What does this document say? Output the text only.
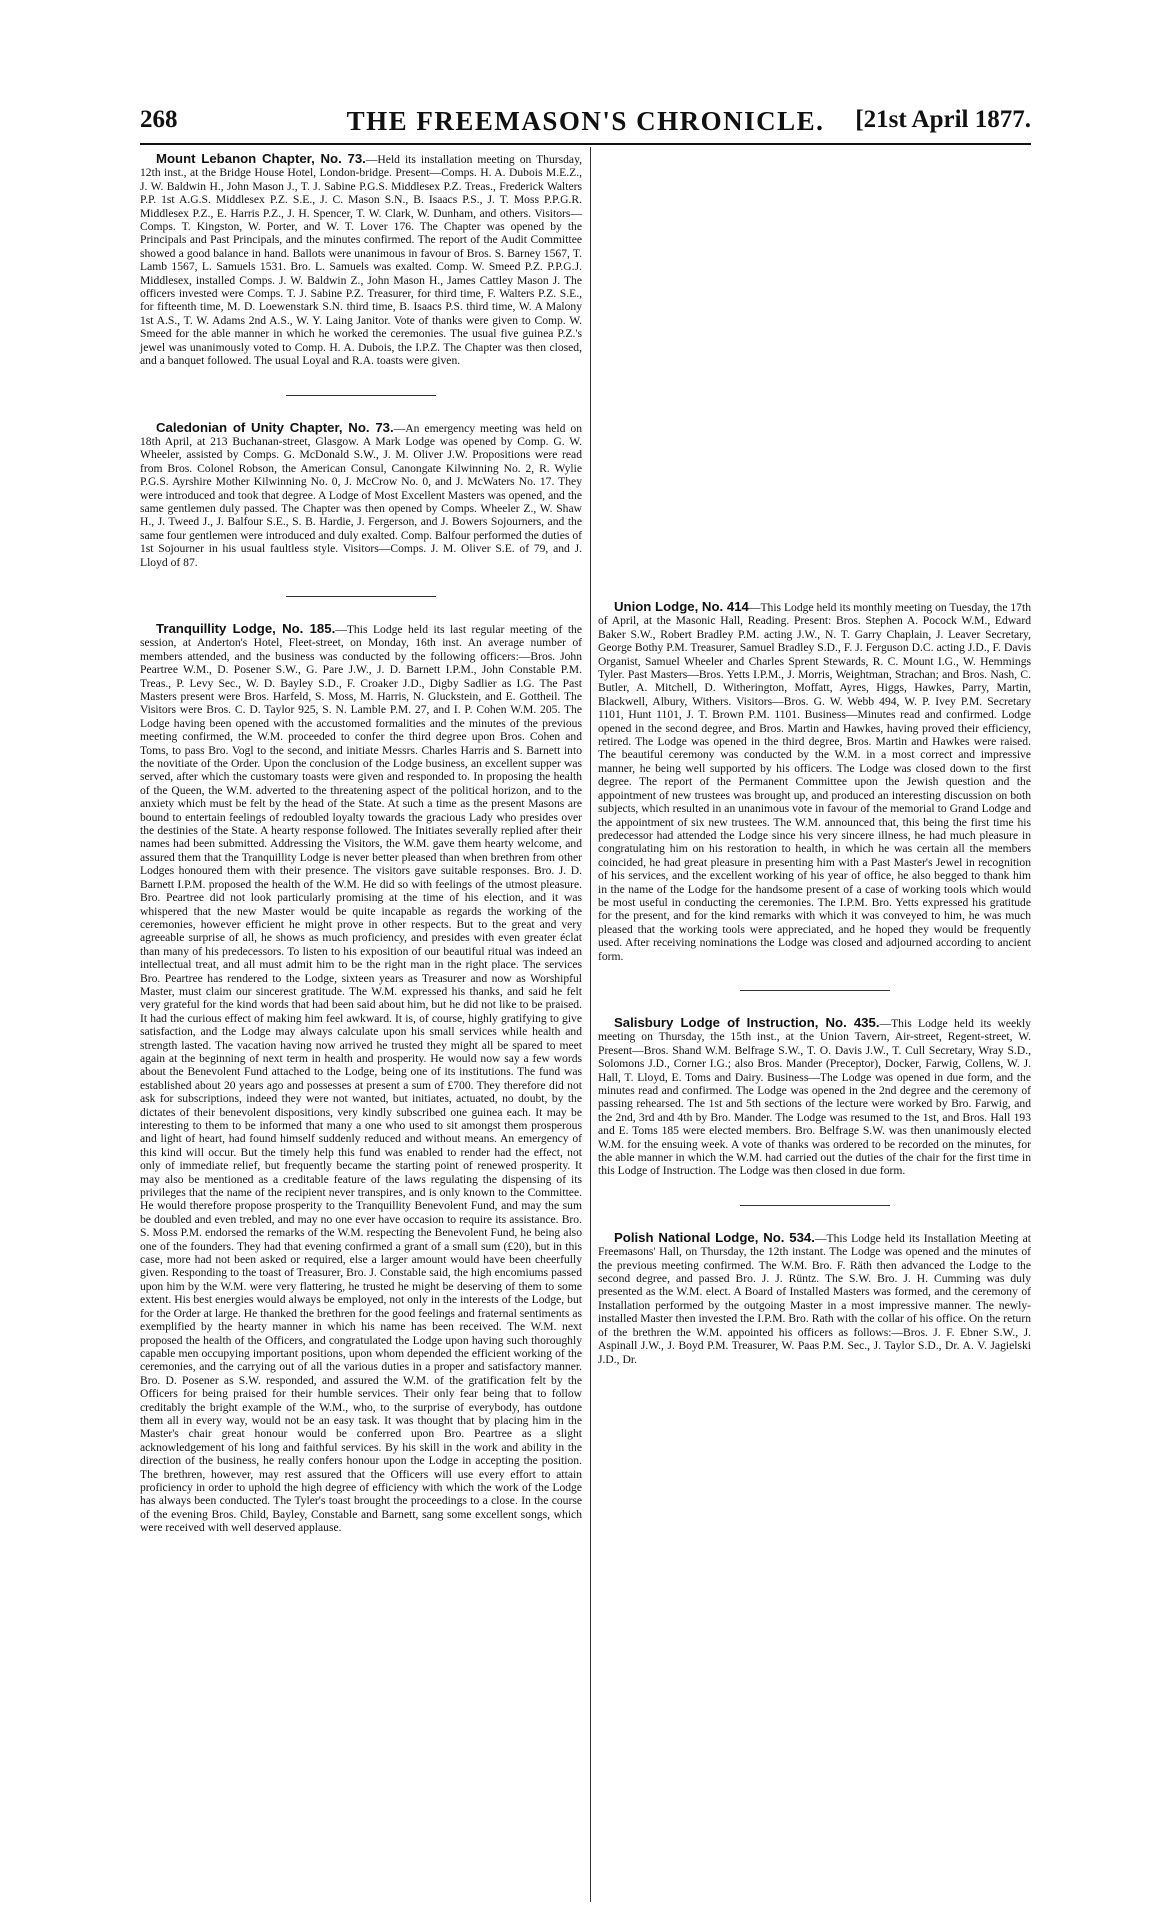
268	THE FREEMASON'S CHRONICLE.	[21st April 1877.

Mount Lebanon Chapter, No. 73.—Held its installation meeting on Thursday, 12th inst., at the Bridge House Hotel, London-bridge. Present—Comps. H. A. Dubois M.E.Z., J. W. Baldwin H., John Mason J., T. J. Sabine P.G.S. Middlesex P.Z. Treas., Frederick Walters P.P. 1st A.G.S. Middlesex P.Z. S.E., J. C. Mason S.N., B. Isaacs P.S., J. T. Moss P.P.G.R. Middlesex P.Z., E. Harris P.Z., J. H. Spencer, T. W. Clark, W. Dunham, and others. Visitors—Comps. T. Kingston, W. Porter, and W. T. Lover 176. The Chapter was opened by the Principals and Past Principals, and the minutes confirmed. The report of the Audit Committee showed a good balance in hand. Ballots were unanimous in favour of Bros. S. Barney 1567, T. Lamb 1567, L. Samuels 1531. Bro. L. Samuels was exalted. Comp. W. Smeed P.Z. P.P.G.J. Middlesex, installed Comps. J. W. Baldwin Z., John Mason H., James Cattley Mason J. The officers invested were Comps. T. J. Sabine P.Z. Treasurer, for third time, F. Walters P.Z. S.E., for fifteenth time, M. D. Loewenstark S.N. third time, B. Isaacs P.S. third time, W. A Malony 1st A.S., T. W. Adams 2nd A.S., W. Y. Laing Janitor. Vote of thanks were given to Comp. W. Smeed for the able manner in which he worked the ceremonies. The usual five guinea P.Z.'s jewel was unanimously voted to Comp. H. A. Dubois, the I.P.Z. The Chapter was then closed, and a banquet followed. The usual Loyal and R.A. toasts were given.

Caledonian of Unity Chapter, No. 73.—An emergency meeting was held on 18th April, at 213 Buchanan-street, Glasgow. A Mark Lodge was opened by Comp. G. W. Wheeler, assisted by Comps. G. McDonald S.W., J. M. Oliver J.W. Propositions were read from Bros. Colonel Robson, the American Consul, Canongate Kilwinning No. 2, R. Wylie P.G.S. Ayrshire Mother Kilwinning No. 0, J. McCrow No. 0, and J. McWaters No. 17. They were introduced and took that degree. A Lodge of Most Excellent Masters was opened, and the same gentlemen duly passed. The Chapter was then opened by Comps. Wheeler Z., W. Shaw H., J. Tweed J., J. Balfour S.E., S. B. Hardie, J. Fergerson, and J. Bowers Sojourners, and the same four gentlemen were introduced and duly exalted. Comp. Balfour performed the duties of 1st Sojourner in his usual faultless style. Visitors—Comps. J. M. Oliver S.E. of 79, and J. Lloyd of 87.

Tranquillity Lodge, No. 185.—This Lodge held its last regular meeting of the session, at Anderton's Hotel, Fleet-street, on Monday, 16th inst. An average number of members attended, and the business was conducted by the following officers:—Bros. John Peartree W.M., D. Posener S.W., G. Pare J.W., J. D. Barnett I.P.M., John Constable P.M. Treas., P. Levy Sec., W. D. Bayley S.D., F. Croaker J.D., Digby Sadlier as I.G. The Past Masters present were Bros. Harfeld, S. Moss, M. Harris, N. Gluckstein, and E. Gottheil. The Visitors were Bros. C. D. Taylor 925, S. N. Lamble P.M. 27, and I. P. Cohen W.M. 205. The Lodge having been opened with the accustomed formalities and the minutes of the previous meeting confirmed, the W.M. proceeded to confer the third degree upon Bros. Cohen and Toms, to pass Bro. Vogl to the second, and initiate Messrs. Charles Harris and S. Barnett into the novitiate of the Order. Upon the conclusion of the Lodge business, an excellent supper was served, after which the customary toasts were given and responded to. In proposing the health of the Queen, the W.M. adverted to the threatening aspect of the political horizon, and to the anxiety which must be felt by the head of the State. At such a time as the present Masons are bound to entertain feelings of redoubled loyalty towards the gracious Lady who presides over the destinies of the State. A hearty response followed. The Initiates severally replied after their names had been submitted. Addressing the Visitors, the W.M. gave them hearty welcome, and assured them that the Tranquillity Lodge is never better pleased than when brethren from other Lodges honoured them with their presence. The visitors gave suitable responses. Bro. J. D. Barnett I.P.M. proposed the health of the W.M. He did so with feelings of the utmost pleasure. Bro. Peartree did not look particularly promising at the time of his election, and it was whispered that the new Master would be quite incapable as regards the working of the ceremonies, however efficient he might prove in other respects. But to the great and very agreeable surprise of all, he shows as much proficiency, and presides with even greater éclat than many of his predecessors. To listen to his exposition of our beautiful ritual was indeed an intellectual treat, and all must admit him to be the right man in the right place. The services Bro. Peartree has rendered to the Lodge, sixteen years as Treasurer and now as Worshipful Master, must claim our sincerest gratitude. The W.M. expressed his thanks, and said he felt very grateful for the kind words that had been said about him, but he did not like to be praised. It had the curious effect of making him feel awkward. It is, of course, highly gratifying to give satisfaction, and the Lodge may always calculate upon his small services while health and strength lasted. The vacation having now arrived he trusted they might all be spared to meet again at the beginning of next term in health and prosperity. He would now say a few words about the Benevolent Fund attached to the Lodge, being one of its institutions. The fund was established about 20 years ago and possesses at present a sum of £700. They therefore did not ask for subscriptions, indeed they were not wanted, but initiates, actuated, no doubt, by the dictates of their benevolent dispositions, very kindly subscribed one guinea each. It may be interesting to them to be informed that many a one who used to sit amongst them prosperous and light of heart, had found himself suddenly reduced and without means. An emergency of this kind will occur. But the timely help this fund was enabled to render had the effect, not only of immediate relief, but frequently became the starting point of renewed prosperity. It may also be mentioned as a creditable feature of the laws regulating the dispensing of its privileges that the name of the recipient never transpires, and is only known to the Committee. He would therefore propose prosperity to the Tranquillity Benevolent Fund, and may the sum be doubled and even trebled, and may no one ever have occasion to require its assistance. Bro. S. Moss P.M. endorsed the remarks of the W.M. respecting the Benevolent Fund, he being also one of the founders. They had that evening confirmed a grant of a small sum (£20), but in this case, more had not been asked or required, else a larger amount would have been cheerfully given. Responding to the toast of Treasurer, Bro. J. Constable said, the high encomiums passed upon him by the W.M. were very flattering, he trusted he might be deserving of them to some extent. His best energies would always be employed, not only in the interests of the Lodge, but for the Order at large. He thanked the brethren for the good feelings and fraternal sentiments as exemplified by the hearty manner in which his name has been received. The W.M. next proposed the health of the Officers, and congratulated the Lodge upon having such thoroughly capable men occupying important positions, upon whom depended the efficient working of the ceremonies, and the carrying out of all the various duties in a proper and satisfactory manner. Bro. D. Posener as S.W. responded, and assured the W.M. of the gratification felt by the Officers for being praised for their humble services. Their only fear being that to follow creditably the bright example of the W.M., who, to the surprise of everybody, has outdone them all in every way, would not be an easy task. It was thought that by placing him in the Master's chair great honour would be conferred upon Bro. Peartree as a slight acknowledgement of his long and faithful services. By his skill in the work and ability in the direction of the business, he really confers honour upon the Lodge in accepting the position. The brethren, however, may rest assured that the Officers will use every effort to attain proficiency in order to uphold the high degree of efficiency with which the work of the Lodge has always been conducted. The Tyler's toast brought the proceedings to a close. In the course of the evening Bros. Child, Bayley, Constable and Barnett, sang some excellent songs, which were received with well deserved applause.

Union Lodge, No. 414—This Lodge held its monthly meeting on Tuesday, the 17th of April, at the Masonic Hall, Reading. Present: Bros. Stephen A. Pocock W.M., Edward Baker S.W., Robert Bradley P.M. acting J.W., N. T. Garry Chaplain, J. Leaver Secretary, George Bothy P.M. Treasurer, Samuel Bradley S.D., F. J. Ferguson D.C. acting J.D., F. Davis Organist, Samuel Wheeler and Charles Sprent Stewards, R. C. Mount I.G., W. Hemmings Tyler. Past Masters—Bros. Yetts I.P.M., J. Morris, Weightman, Strachan; and Bros. Nash, C. Butler, A. Mitchell, D. Witherington, Moffatt, Ayres, Higgs, Hawkes, Parry, Martin, Blackwell, Albury, Withers. Visitors—Bros. G. W. Webb 494, W. P. Ivey P.M. Secretary 1101, Hunt 1101, J. T. Brown P.M. 1101. Business—Minutes read and confirmed. Lodge opened in the second degree, and Bros. Martin and Hawkes, having proved their efficiency, retired. The Lodge was opened in the third degree, Bros. Martin and Hawkes were raised. The beautiful ceremony was conducted by the W.M. in a most correct and impressive manner, he being well supported by his officers. The Lodge was closed down to the first degree. The report of the Permanent Committee upon the Jewish question and the appointment of new trustees was brought up, and produced an interesting discussion on both subjects, which resulted in an unanimous vote in favour of the memorial to Grand Lodge and the appointment of six new trustees. The W.M. announced that, this being the first time his predecessor had attended the Lodge since his very sincere illness, he had much pleasure in congratulating him on his restoration to health, in which he was certain all the members coincided, he had great pleasure in presenting him with a Past Master's Jewel in recognition of his services, and the excellent working of his year of office, he also begged to thank him in the name of the Lodge for the handsome present of a case of working tools which would be most useful in conducting the ceremonies. The I.P.M. Bro. Yetts expressed his gratitude for the present, and for the kind remarks with which it was conveyed to him, he was much pleased that the working tools were appreciated, and he hoped they would be frequently used. After receiving nominations the Lodge was closed and adjourned according to ancient form.

Salisbury Lodge of Instruction, No. 435.—This Lodge held its weekly meeting on Thursday, the 15th inst., at the Union Tavern, Air-street, Regent-street, W. Present—Bros. Shand W.M. Belfrage S.W., T. O. Davis J.W., T. Cull Secretary, Wray S.D., Solomons J.D., Corner I.G.; also Bros. Mander (Preceptor), Docker, Farwig, Collens, W. J. Hall, T. Lloyd, E. Toms and Dairy. Business—The Lodge was opened in due form, and the minutes read and confirmed. The Lodge was opened in the 2nd degree and the ceremony of passing rehearsed. The 1st and 5th sections of the lecture were worked by Bro. Farwig, and the 2nd, 3rd and 4th by Bro. Mander. The Lodge was resumed to the 1st, and Bros. Hall 193 and E. Toms 185 were elected members. Bro. Belfrage S.W. was then unanimously elected W.M. for the ensuing week. A vote of thanks was ordered to be recorded on the minutes, for the able manner in which the W.M. had carried out the duties of the chair for the first time in this Lodge of Instruction. The Lodge was then closed in due form.

Polish National Lodge, No. 534.—This Lodge held its Installation Meeting at Freemasons' Hall, on Thursday, the 12th instant. The Lodge was opened and the minutes of the previous meeting confirmed. The W.M. Bro. F. Räth then advanced the Lodge to the second degree, and passed Bro. J. J. Rüntz. The S.W. Bro. J. H. Cumming was duly presented as the W.M. elect. A Board of Installed Masters was formed, and the ceremony of Installation performed by the outgoing Master in a most impressive manner. The newly-installed Master then invested the I.P.M. Bro. Rath with the collar of his office. On the return of the brethren the W.M. appointed his officers as follows:—Bros. J. F. Ebner S.W., J. Aspinall J.W., J. Boyd P.M. Treasurer, W. Paas P.M. Sec., J. Taylor S.D., Dr. A. V. Jagielski J.D., Dr.
